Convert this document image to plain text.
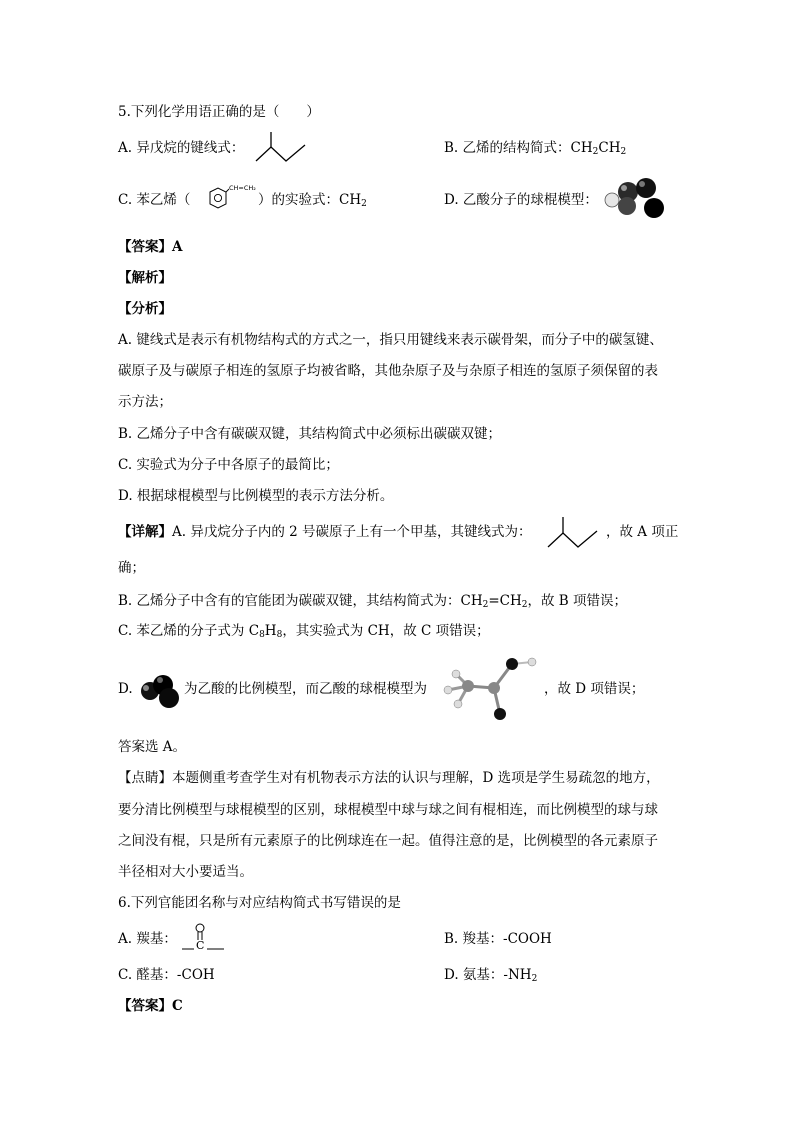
5.下列化学用语正确的是（　　）
A. 异戊烷的键线式：	B. 乙烯的结构简式：$CH_2CH_2$
C. 苯乙烯（
CH=CH₂
）的实验式：$CH_2$	D. 乙酸分子的球棍模型：
【答案】A
【解析】
【分析】
A. 键线式是表示有机物结构式的方式之一，指只用键线来表示碳骨架，而分子中的碳氢键、
碳原子及与碳原子相连的氢原子均被省略，其他杂原子及与杂原子相连的氢原子须保留的表
示方法；
B. 乙烯分子中含有碳碳双键，其结构简式中必须标出碳碳双键；
C. 实验式为分子中各原子的最简比；
D. 根据球棍模型与比例模型的表示方法分析。
【详解】A. 异戊烷分子内的 2 号碳原子上有一个甲基，其键线式为：	，故 A 项正
确；
B. 乙烯分子中含有的官能团为碳碳双键，其结构简式为：$CH_2=CH_2$，故 B 项错误；
C. 苯乙烯的分子式为 $C_8H_8$，其实验式为 CH，故 C 项错误；
D.	为乙酸的比例模型，而乙酸的球棍模型为	，故 D 项错误；
答案选 A。
【点睛】本题侧重考查学生对有机物表示方法的认识与理解，D 选项是学生易疏忽的地方，
要分清比例模型与球棍模型的区别，球棍模型中球与球之间有棍相连，而比例模型的球与球
之间没有棍，只是所有元素原子的比例球连在一起。值得注意的是，比例模型的各元素原子
半径相对大小要适当。
6.下列官能团名称与对应结构简式书写错误的是
A. 羰基： C	B. 羧基：-COOH
C. 醛基：-COH	D. 氨基：$-NH_2$
【答案】C
